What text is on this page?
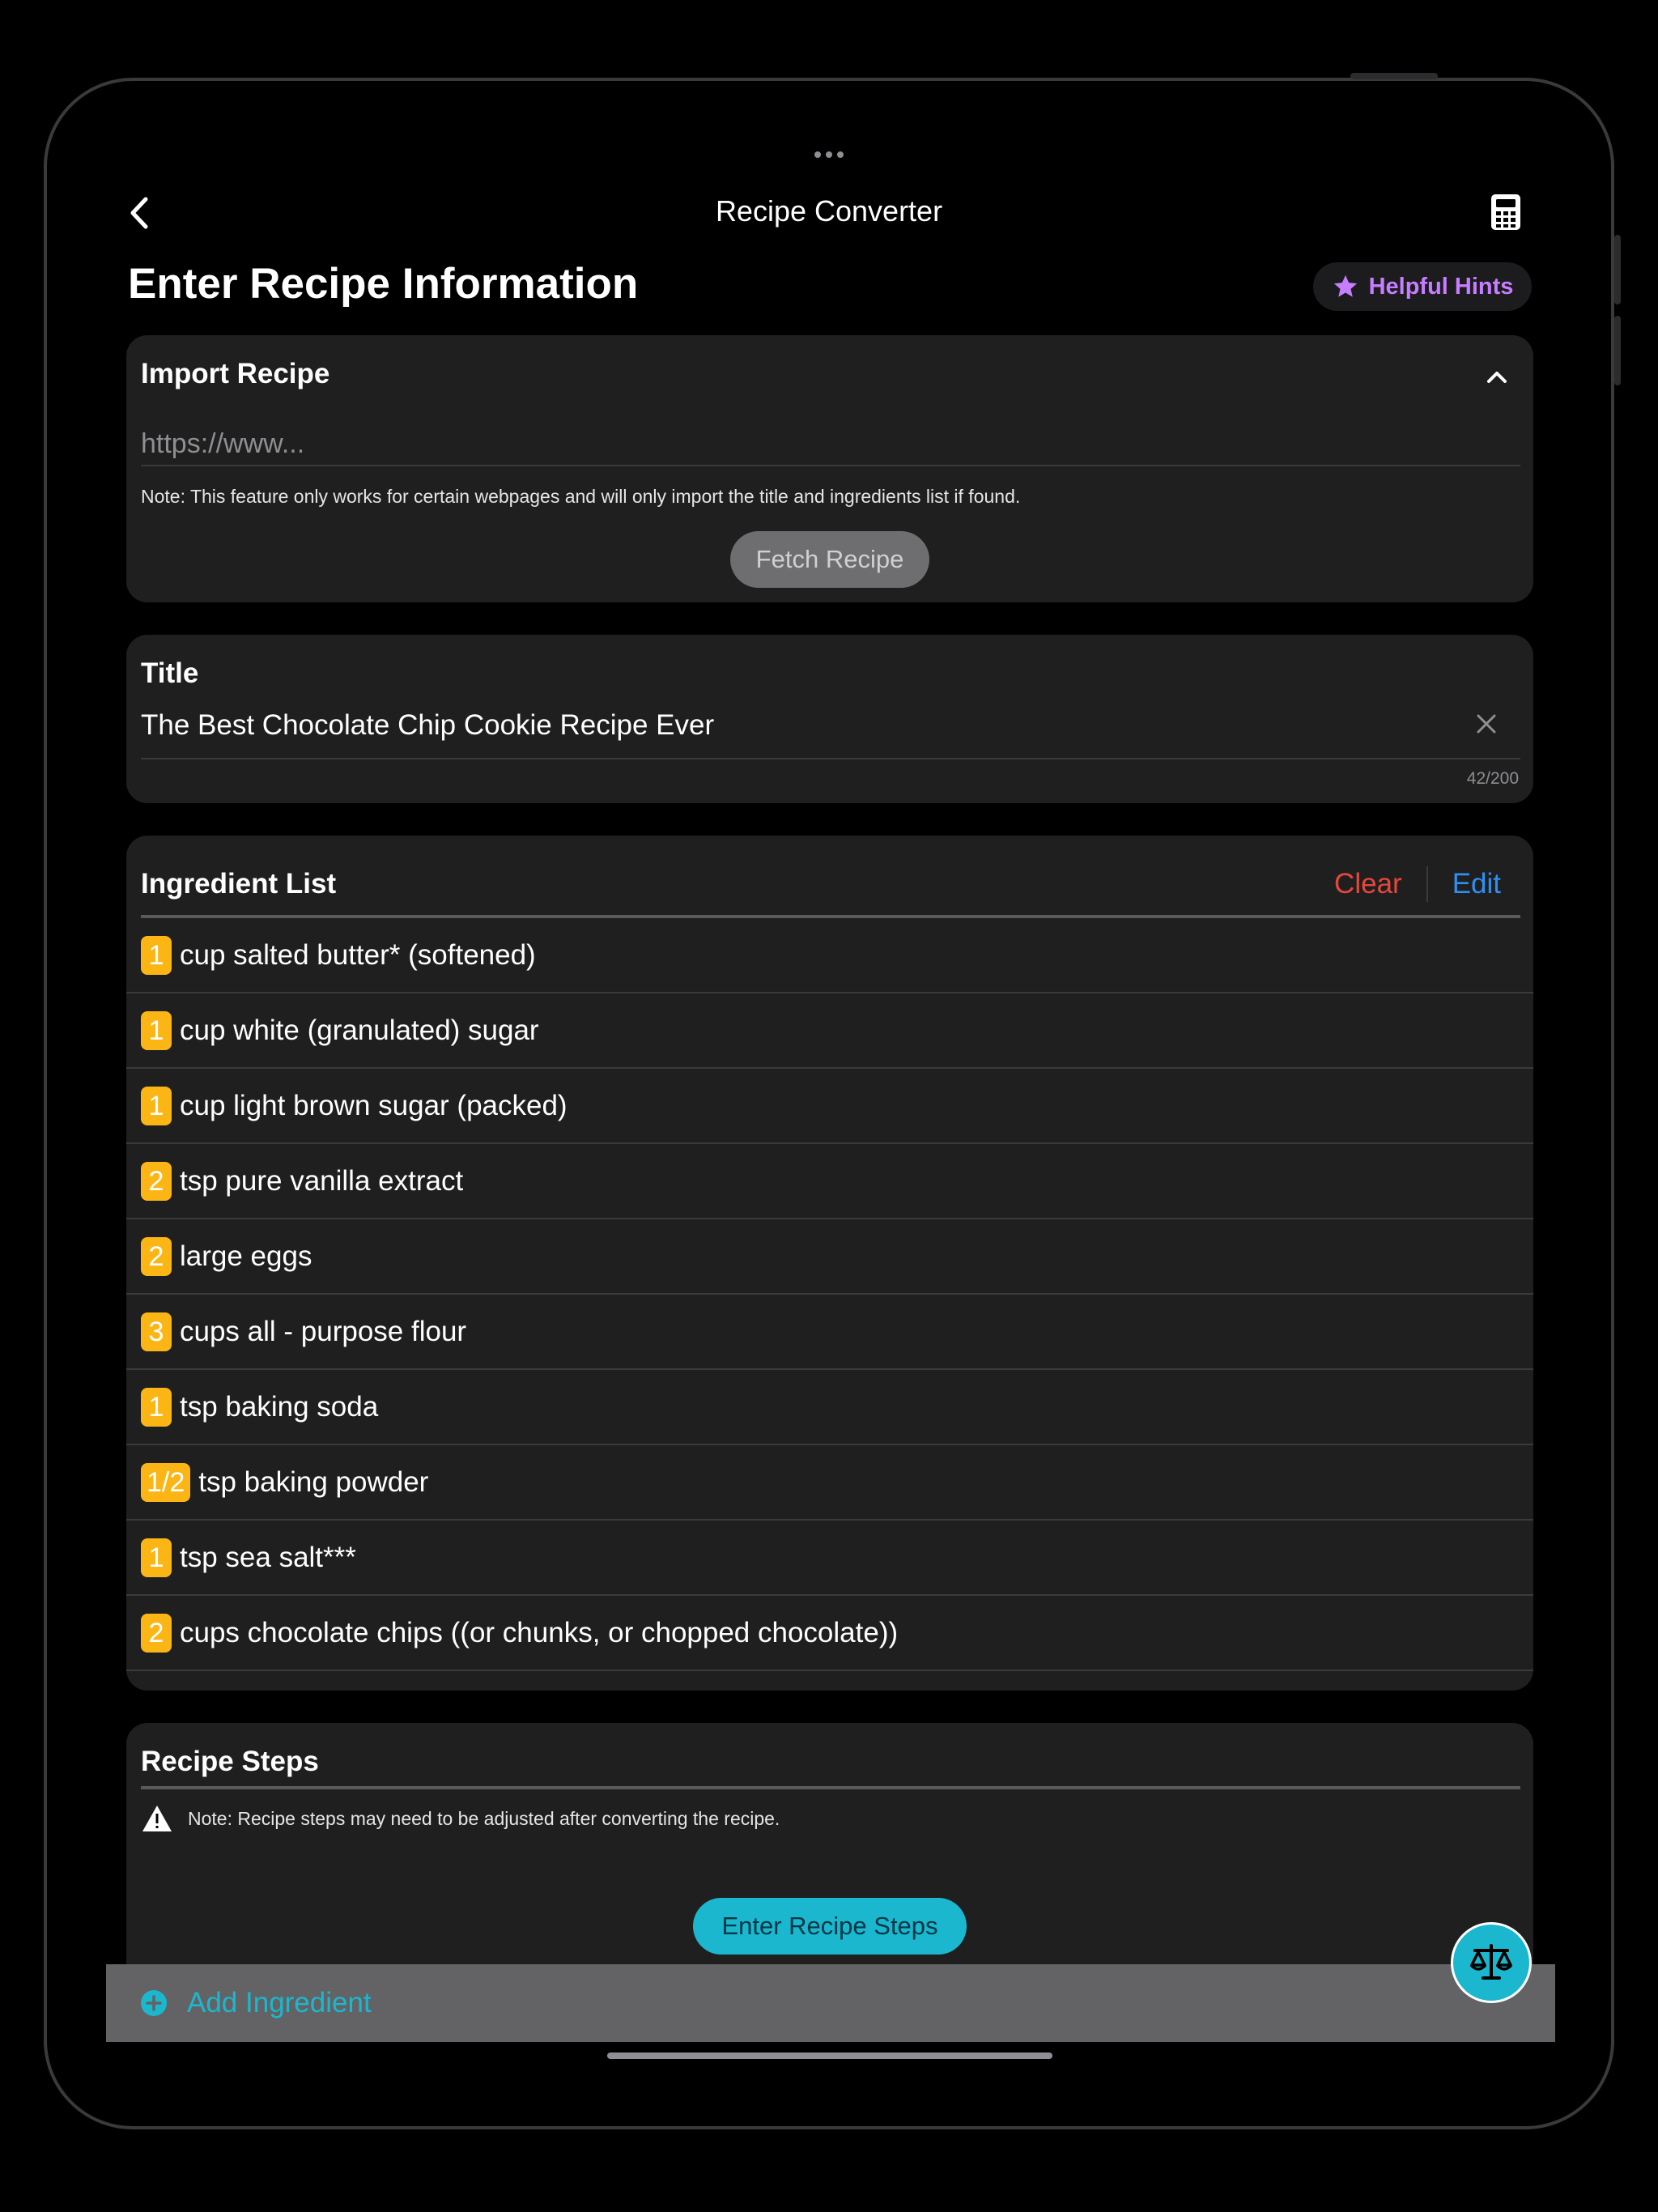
Recipe Converter
Enter Recipe Information	Helpful Hints
Import Recipe
https://www...
Note: This feature only works for certain webpages and will only import the title and ingredients list if found.
Fetch Recipe
Title
The Best Chocolate Chip Cookie Recipe Ever
42/200
Ingredient List	Clear Edit
1 cup salted butter* (softened)
1 cup white (granulated) sugar
1 cup light brown sugar (packed)
2 tsp pure vanilla extract
2 large eggs
3 cups all - purpose flour
1 tsp baking soda
1/2 tsp baking powder
1 tsp sea salt***
2 cups chocolate chips ((or chunks, or chopped chocolate))
Recipe Steps
Note: Recipe steps may need to be adjusted after converting the recipe.
Enter Recipe Steps
Add Ingredient
